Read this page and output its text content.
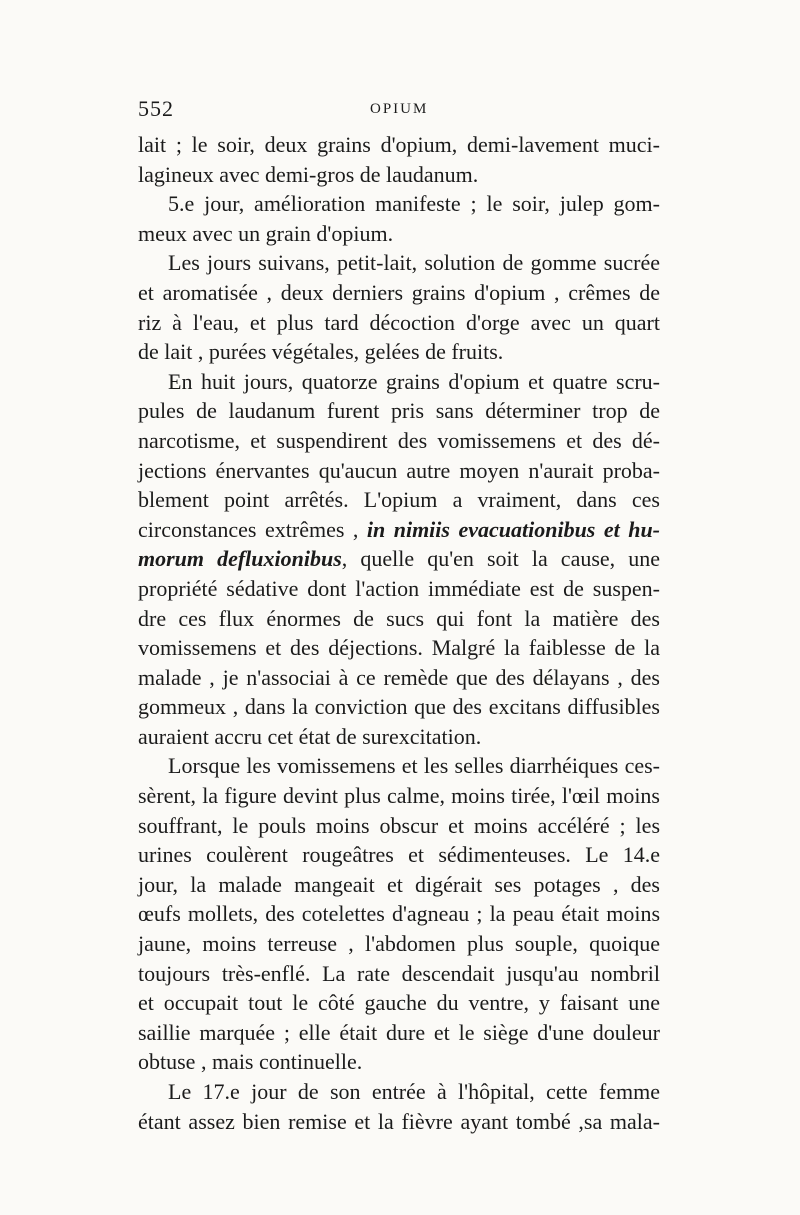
552	OPIUM
lait ; le soir, deux grains d'opium, demi-lavement muci-
lagineux avec demi-gros de laudanum.
5.e jour, amélioration manifeste ; le soir, julep gom-
meux avec un grain d'opium.
Les jours suivans, petit-lait, solution de gomme sucrée
et aromatisée , deux derniers grains d'opium , crêmes de
riz à l'eau, et plus tard décoction d'orge avec un quart
de lait , purées végétales, gelées de fruits.
En huit jours, quatorze grains d'opium et quatre scru-
pules de laudanum furent pris sans déterminer trop de
narcotisme, et suspendirent des vomissemens et des dé-
jections énervantes qu'aucun autre moyen n'aurait proba-
blement point arrêtés. L'opium a vraiment, dans ces
circonstances extrêmes , in nimiis evacuationibus et hu-
morum defluxionibus, quelle qu'en soit la cause, une
propriété sédative dont l'action immédiate est de suspen-
dre ces flux énormes de sucs qui font la matière des
vomissemens et des déjections. Malgré la faiblesse de la
malade , je n'associai à ce remède que des délayans , des
gommeux , dans la conviction que des excitans diffusibles
auraient accru cet état de surexcitation.
Lorsque les vomissemens et les selles diarrhéiques ces-
sèrent, la figure devint plus calme, moins tirée, l'œil moins
souffrant, le pouls moins obscur et moins accéléré ; les
urines coulèrent rougeâtres et sédimenteuses. Le 14.e
jour, la malade mangeait et digérait ses potages , des
œufs mollets, des cotelettes d'agneau ; la peau était moins
jaune, moins terreuse , l'abdomen plus souple, quoique
toujours très-enflé. La rate descendait jusqu'au nombril
et occupait tout le côté gauche du ventre, y faisant une
saillie marquée ; elle était dure et le siège d'une douleur
obtuse , mais continuelle.
Le 17.e jour de son entrée à l'hôpital, cette femme
étant assez bien remise et la fièvre ayant tombé ,sa mala-
